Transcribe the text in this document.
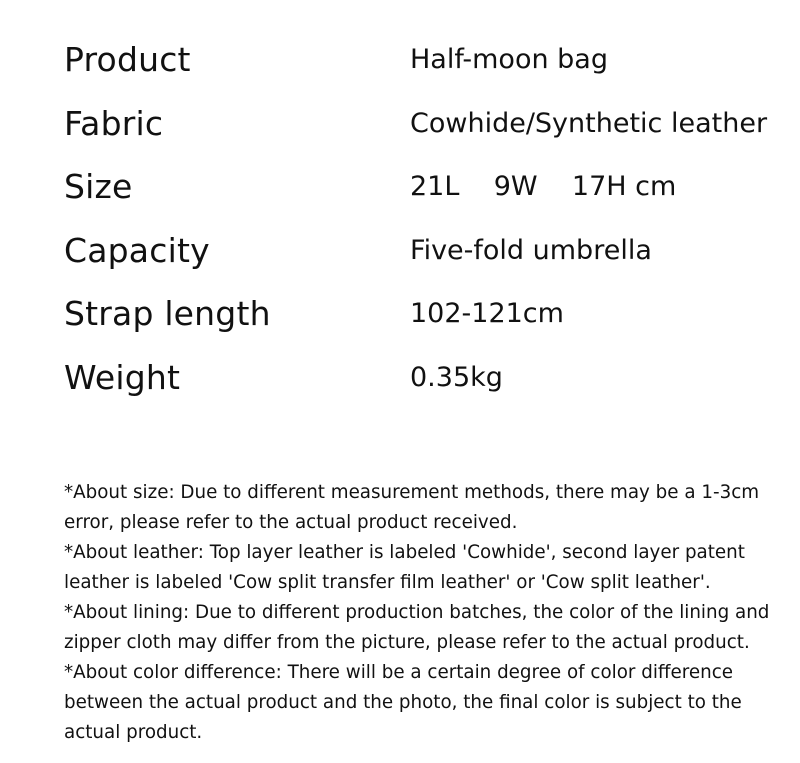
Product	Half-moon bag
Fabric	Cowhide/Synthetic leather
Size	21L    9W    17H cm
Capacity	Five-fold umbrella
Strap length	102-121cm
Weight	0.35kg
*About size: Due to different measurement methods, there may be a 1-3cm
error, please refer to the actual product received.
*About leather: Top layer leather is labeled 'Cowhide', second layer patent
leather is labeled 'Cow split transfer film leather' or 'Cow split leather'.
*About lining: Due to different production batches, the color of the lining and
zipper cloth may differ from the picture, please refer to the actual product.
*About color difference: There will be a certain degree of color difference
between the actual product and the photo, the final color is subject to the
actual product.
